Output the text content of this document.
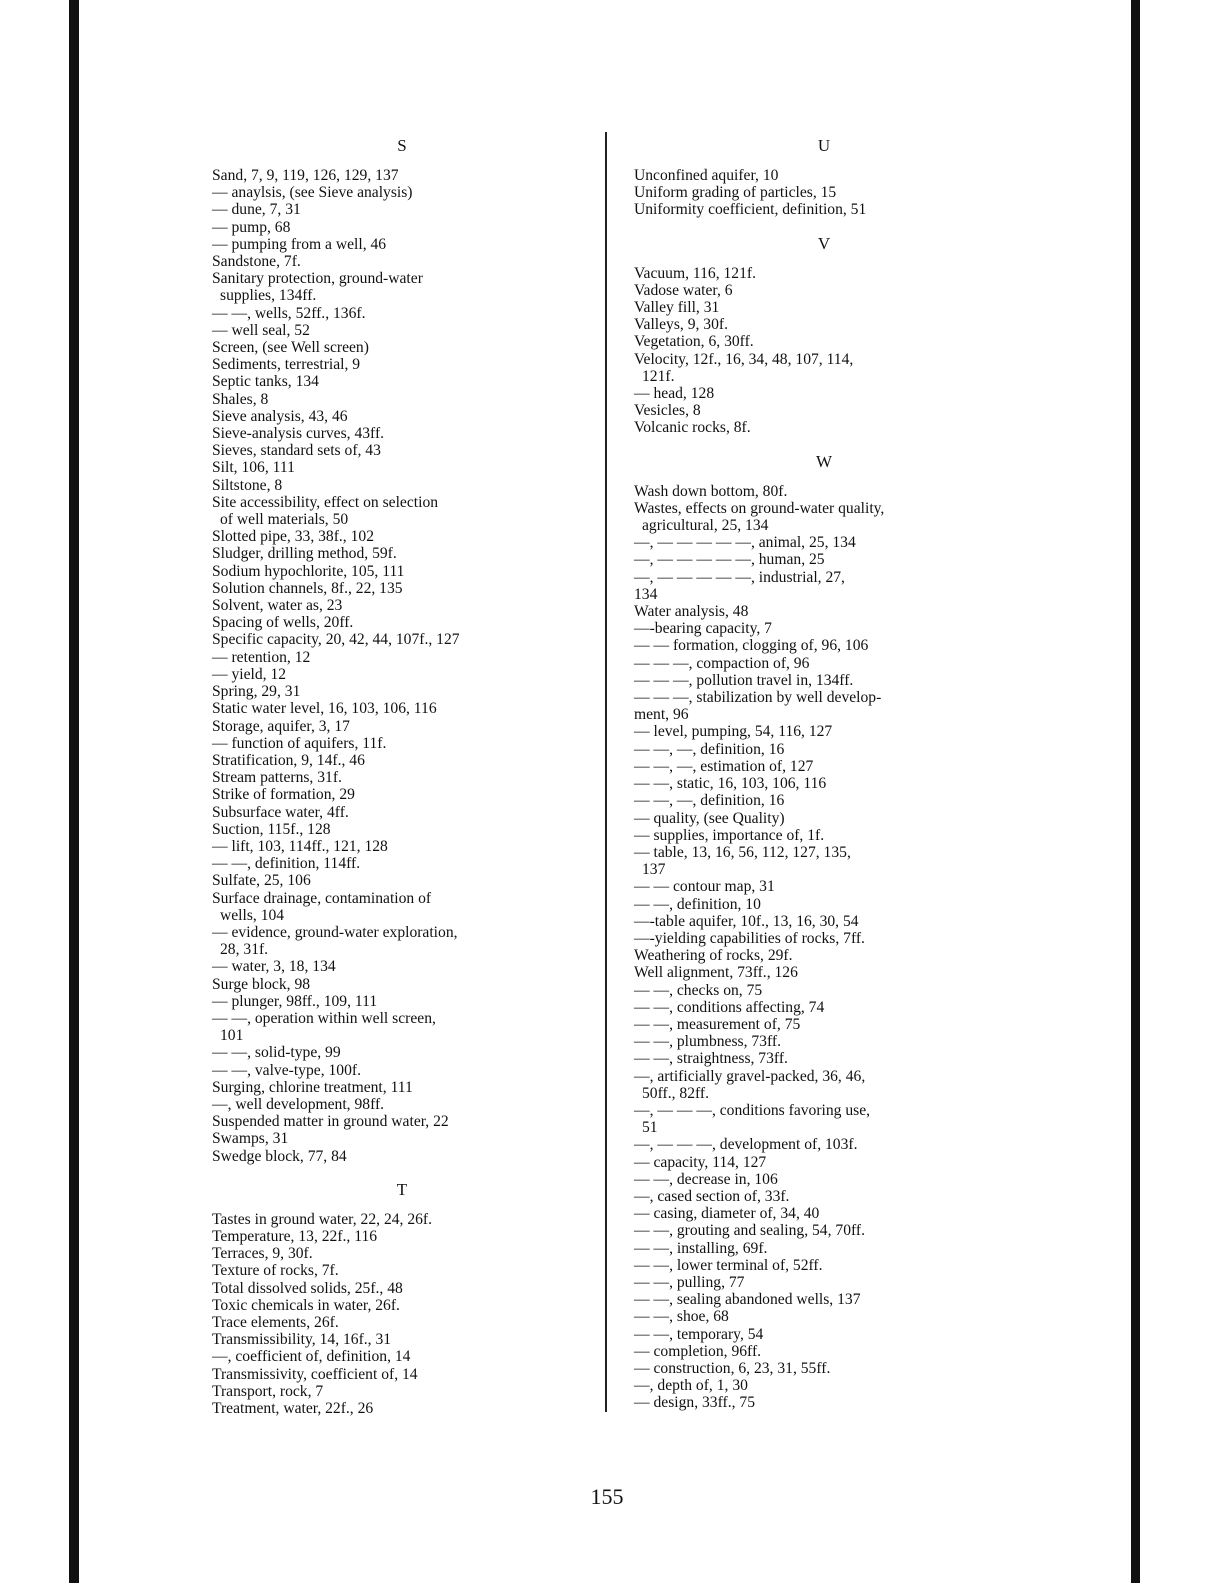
S
Sand, 7, 9, 119, 126, 129, 137
— anaylsis, (see Sieve analysis)
— dune, 7, 31
— pump, 68
— pumping from a well, 46
Sandstone, 7f.
Sanitary protection, ground-water
supplies, 134ff.
— —, wells, 52ff., 136f.
— well seal, 52
Screen, (see Well screen)
Sediments, terrestrial, 9
Septic tanks, 134
Shales, 8
Sieve analysis, 43, 46
Sieve-analysis curves, 43ff.
Sieves, standard sets of, 43
Silt, 106, 111
Siltstone, 8
Site accessibility, effect on selection
of well materials, 50
Slotted pipe, 33, 38f., 102
Sludger, drilling method, 59f.
Sodium hypochlorite, 105, 111
Solution channels, 8f., 22, 135
Solvent, water as, 23
Spacing of wells, 20ff.
Specific capacity, 20, 42, 44, 107f., 127
— retention, 12
— yield, 12
Spring, 29, 31
Static water level, 16, 103, 106, 116
Storage, aquifer, 3, 17
— function of aquifers, 11f.
Stratification, 9, 14f., 46
Stream patterns, 31f.
Strike of formation, 29
Subsurface water, 4ff.
Suction, 115f., 128
— lift, 103, 114ff., 121, 128
— —, definition, 114ff.
Sulfate, 25, 106
Surface drainage, contamination of
wells, 104
— evidence, ground-water exploration,
28, 31f.
— water, 3, 18, 134
Surge block, 98
— plunger, 98ff., 109, 111
— —, operation within well screen,
101
— —, solid-type, 99
— —, valve-type, 100f.
Surging, chlorine treatment, 111
—, well development, 98ff.
Suspended matter in ground water, 22
Swamps, 31
Swedge block, 77, 84
T
Tastes in ground water, 22, 24, 26f.
Temperature, 13, 22f., 116
Terraces, 9, 30f.
Texture of rocks, 7f.
Total dissolved solids, 25f., 48
Toxic chemicals in water, 26f.
Trace elements, 26f.
Transmissibility, 14, 16f., 31
—, coefficient of, definition, 14
Transmissivity, coefficient of, 14
Transport, rock, 7
Treatment, water, 22f., 26
U
Unconfined aquifer, 10
Uniform grading of particles, 15
Uniformity coefficient, definition, 51
V
Vacuum, 116, 121f.
Vadose water, 6
Valley fill, 31
Valleys, 9, 30f.
Vegetation, 6, 30ff.
Velocity, 12f., 16, 34, 48, 107, 114,
121f.
— head, 128
Vesicles, 8
Volcanic rocks, 8f.
W
Wash down bottom, 80f.
Wastes, effects on ground-water quality,
agricultural, 25, 134
—, — — — — —, animal, 25, 134
—, — — — — —, human, 25
—, — — — — —, industrial, 27,
134
Water analysis, 48
—-bearing capacity, 7
— — formation, clogging of, 96, 106
— — —, compaction of, 96
— — —, pollution travel in, 134ff.
— — —, stabilization by well develop-
ment, 96
— level, pumping, 54, 116, 127
— —, —, definition, 16
— —, —, estimation of, 127
— —, static, 16, 103, 106, 116
— —, —, definition, 16
— quality, (see Quality)
— supplies, importance of, 1f.
— table, 13, 16, 56, 112, 127, 135,
137
— — contour map, 31
— —, definition, 10
—-table aquifer, 10f., 13, 16, 30, 54
—-yielding capabilities of rocks, 7ff.
Weathering of rocks, 29f.
Well alignment, 73ff., 126
— —, checks on, 75
— —, conditions affecting, 74
— —, measurement of, 75
— —, plumbness, 73ff.
— —, straightness, 73ff.
—, artificially gravel-packed, 36, 46,
50ff., 82ff.
—, — — —, conditions favoring use,
51
—, — — —, development of, 103f.
— capacity, 114, 127
— —, decrease in, 106
—, cased section of, 33f.
— casing, diameter of, 34, 40
— —, grouting and sealing, 54, 70ff.
— —, installing, 69f.
— —, lower terminal of, 52ff.
— —, pulling, 77
— —, sealing abandoned wells, 137
— —, shoe, 68
— —, temporary, 54
— completion, 96ff.
— construction, 6, 23, 31, 55ff.
—, depth of, 1, 30
— design, 33ff., 75
155
